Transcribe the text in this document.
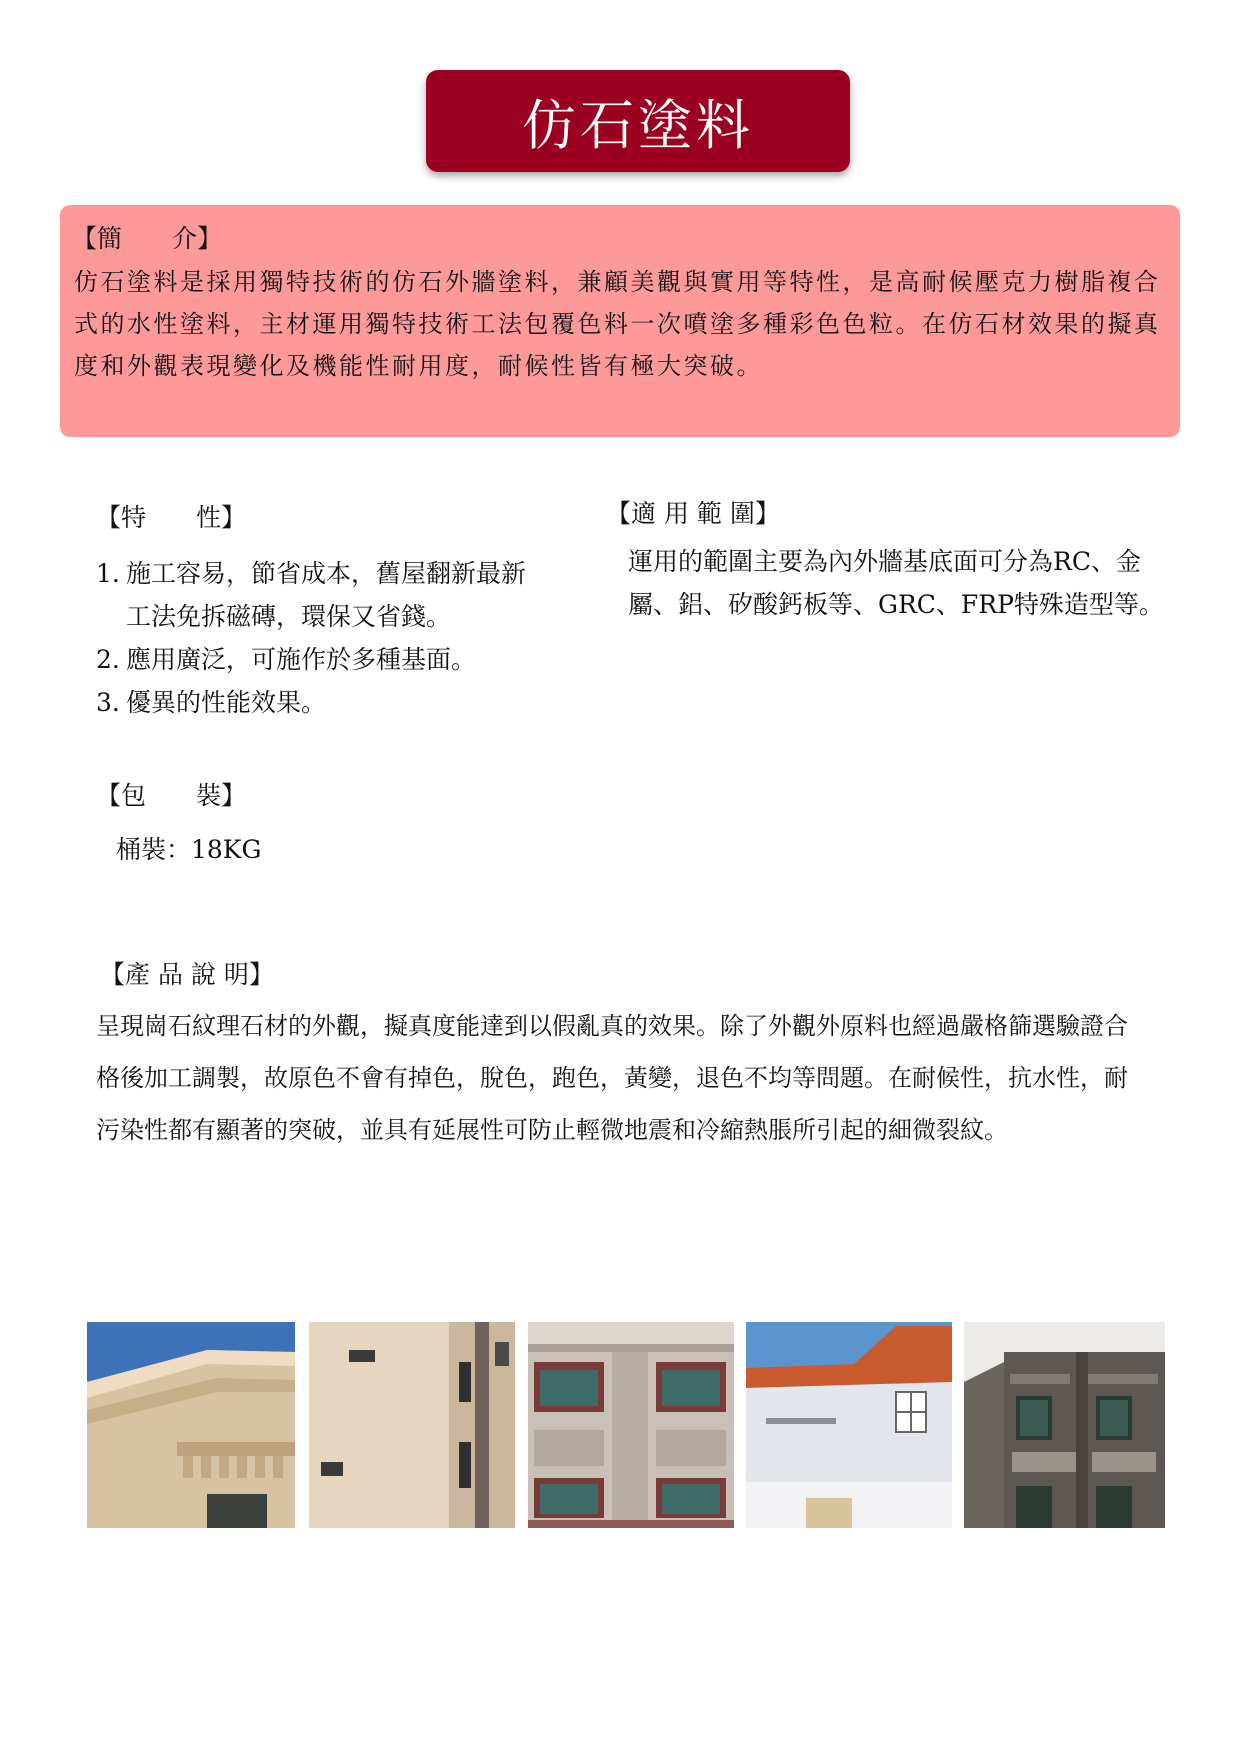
仿石塗料
【簡　　介】
仿石塗料是採用獨特技術的仿石外牆塗料，兼顧美觀與實用等特性，是高耐候壓克力樹脂複合式的水性塗料，主材運用獨特技術工法包覆色料一次噴塗多種彩色色粒。在仿石材效果的擬真度和外觀表現變化及機能性耐用度，耐候性皆有極大突破。
【特　　性】
1. 施工容易，節省成本，舊屋翻新最新工法免拆磁磚，環保又省錢。
2. 應用廣泛，可施作於多種基面。
3. 優異的性能效果。
【適 用 範 圍】
運用的範圍主要為內外牆基底面可分為RC、金屬、鋁、矽酸鈣板等、GRC、FRP特殊造型等。
【包　　裝】
桶裝：18KG
【產 品 說 明】
呈現崗石紋理石材的外觀，擬真度能達到以假亂真的效果。除了外觀外原料也經過嚴格篩選驗證合格後加工調製，故原色不會有掉色，脫色，跑色，黃變，退色不均等問題。在耐候性，抗水性，耐污染性都有顯著的突破，並具有延展性可防止輕微地震和冷縮熱脹所引起的細微裂紋。
